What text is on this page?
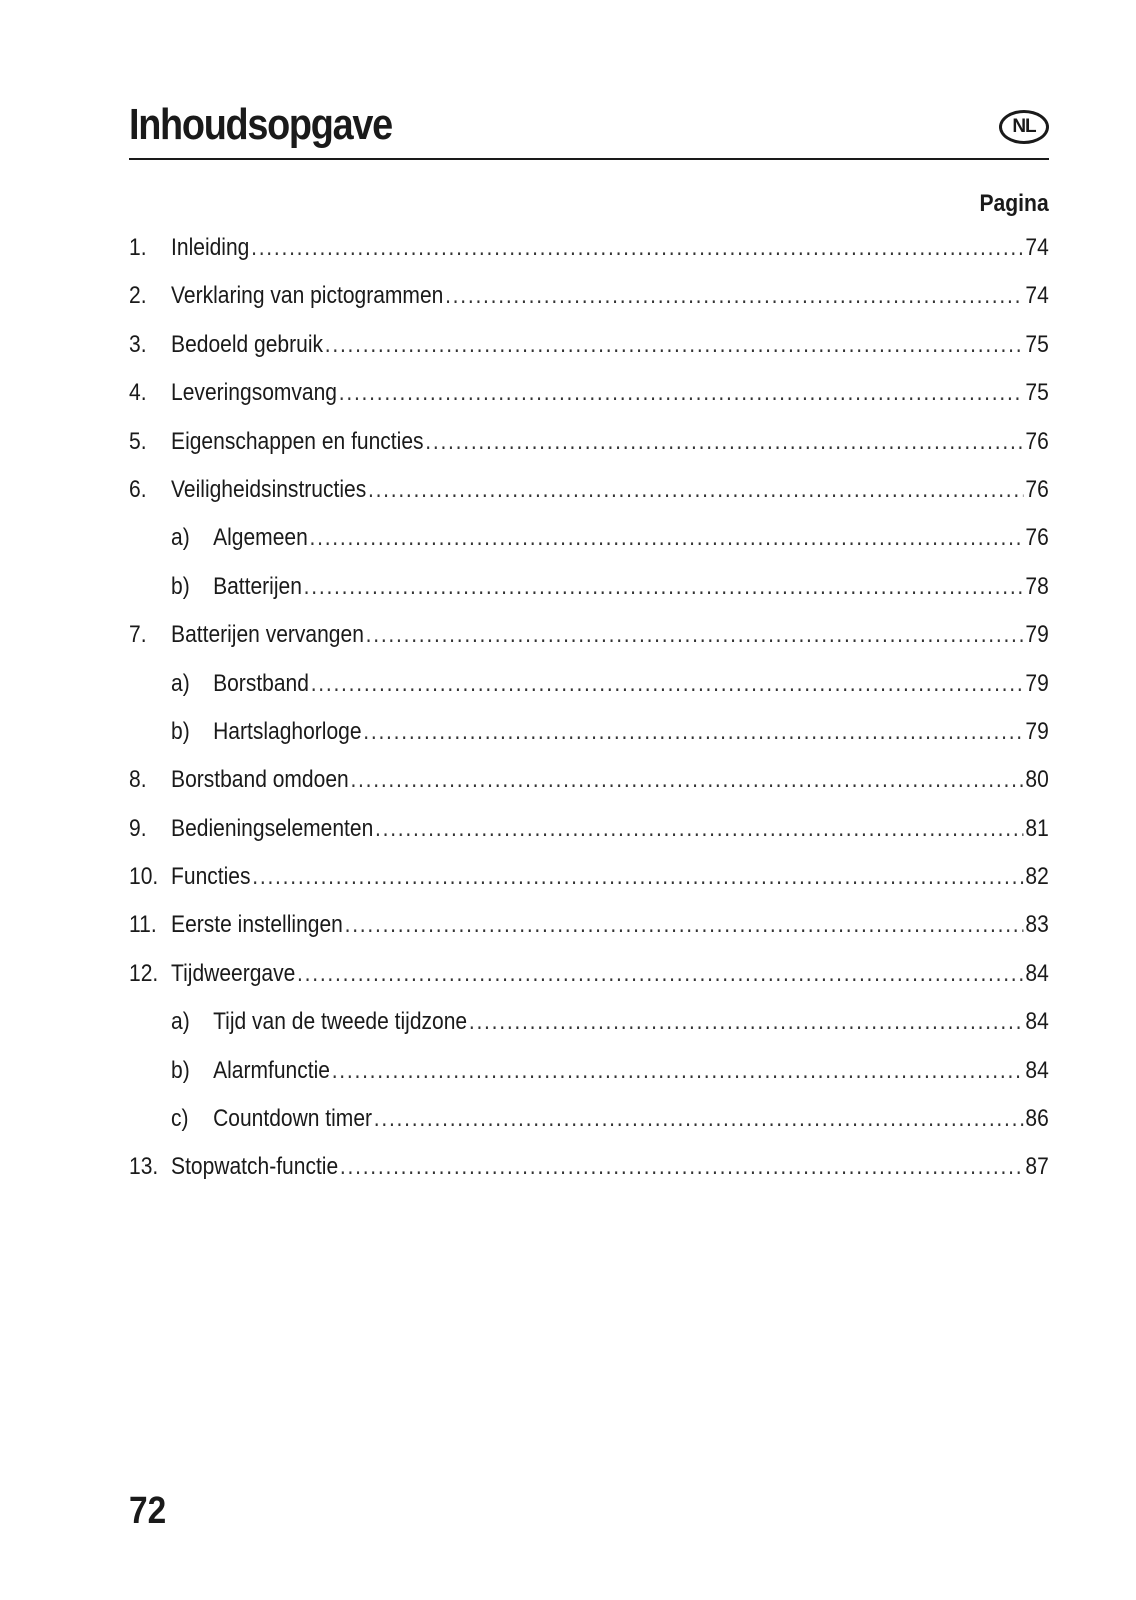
Inhoudsopgave	NL
Pagina
1.	Inleiding .....	74
2.	Verklaring van pictogrammen .....	74
3.	Bedoeld gebruik .....	75
4.	Leveringsomvang .....	75
5.	Eigenschappen en functies .....	76
6.	Veiligheidsinstructies .....	76
a) Algemeen .....	76
b) Batterijen .....	78
7.	Batterijen vervangen .....	79
a) Borstband .....	79
b) Hartslaghorloge .....	79
8.	Borstband omdoen .....	80
9.	Bedieningselementen .....	81
10. Functies .....	82
11. Eerste instellingen .....	83
12. Tijdweergave .....	84
a) Tijd van de tweede tijdzone .....	84
b) Alarmfunctie .....	84
c)	Countdown timer .....	86
13. Stopwatch-functie .....	87
72
